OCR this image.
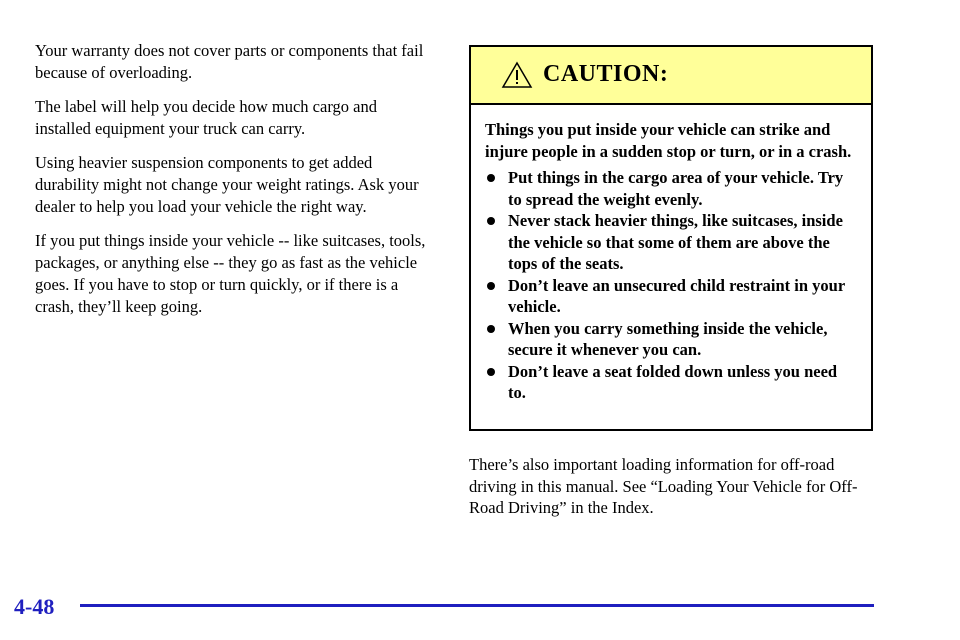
Your warranty does not cover parts or components that fail because of overloading.

The label will help you decide how much cargo and installed equipment your truck can carry.

Using heavier suspension components to get added durability might not change your weight ratings. Ask your dealer to help you load your vehicle the right way.

If you put things inside your vehicle -- like suitcases, tools, packages, or anything else -- they go as fast as the vehicle goes. If you have to stop or turn quickly, or if there is a crash, they’ll keep going.

CAUTION:

Things you put inside your vehicle can strike and injure people in a sudden stop or turn, or in a crash.

Put things in the cargo area of your vehicle. Try to spread the weight evenly.
Never stack heavier things, like suitcases, inside the vehicle so that some of them are above the tops of the seats.
Don’t leave an unsecured child restraint in your vehicle.
When you carry something inside the vehicle, secure it whenever you can.
Don’t leave a seat folded down unless you need to.

There’s also important loading information for off-road driving in this manual. See “Loading Your Vehicle for Off-Road Driving” in the Index.

4-48
